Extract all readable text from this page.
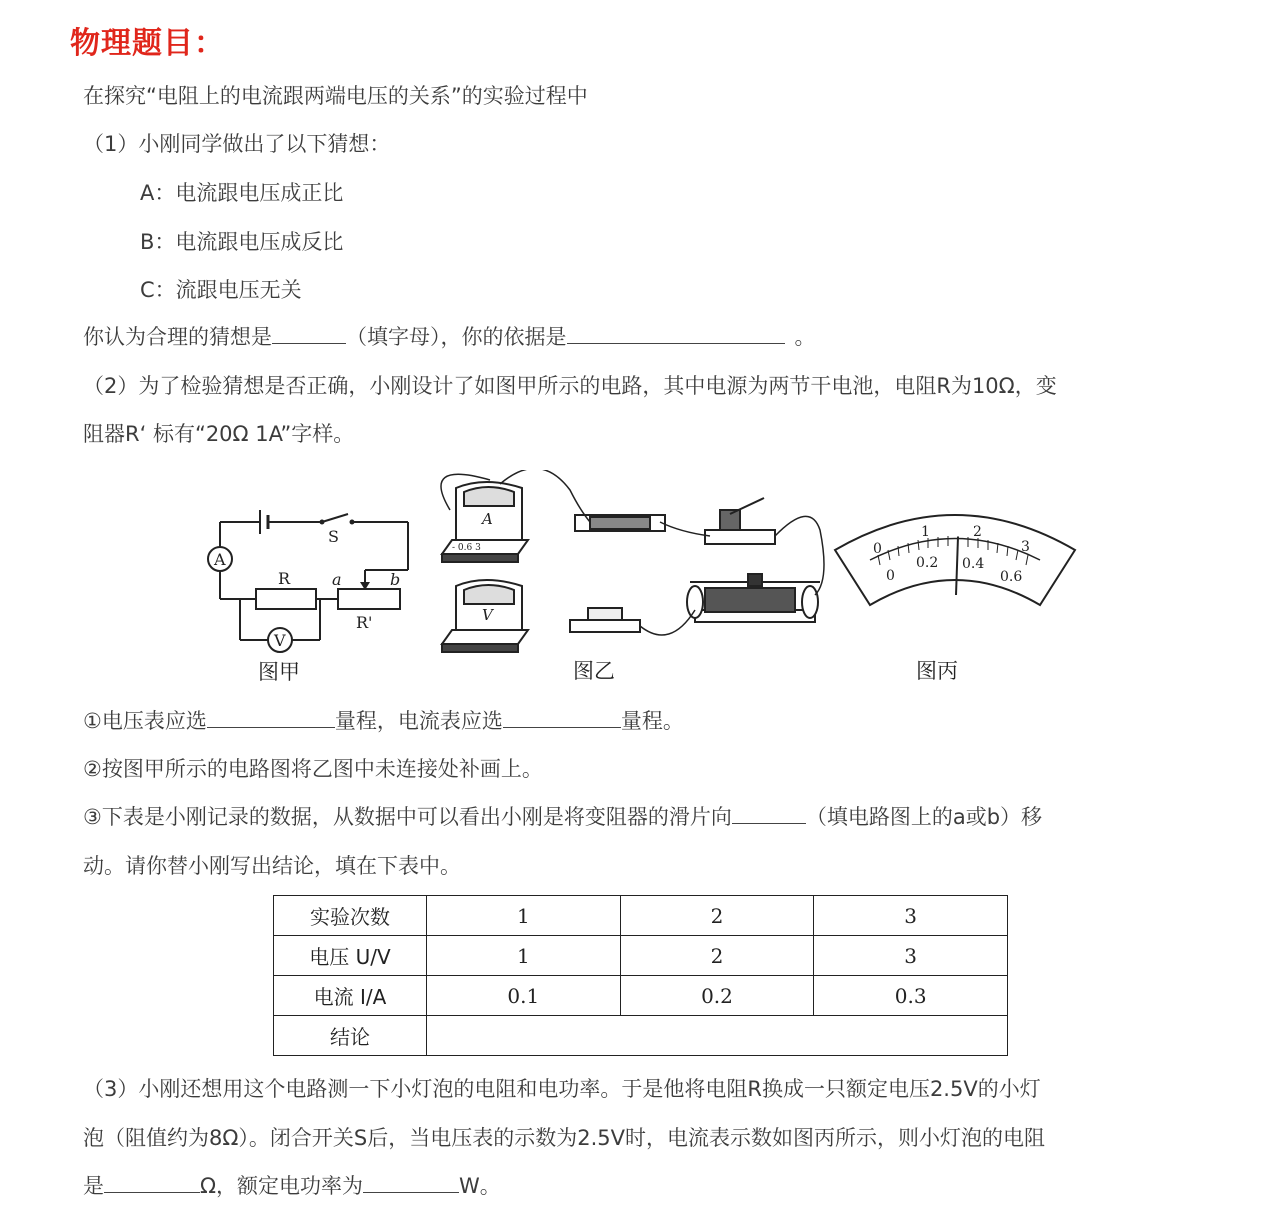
物理题目：
在探究“电阻上的电流跟两端电压的关系”的实验过程中
（1）小刚同学做出了以下猜想：
A：电流跟电压成正比
B：电流跟电压成反比
C：流跟电压无关
你认为合理的猜想是	（填字母），你的依据是	。
（2）为了检验猜想是否正确，小刚设计了如图甲所示的电路，其中电源为两节干电池，电阻R为10Ω，变
阻器R‘ 标有“20Ω 1A”字样。
A
V
S
R
R'
a	b
图甲
A
V
- 0.6 3
图乙
0
1	2
3
0
0.2 0.4
0.6
图丙
①电压表应选	量程，电流表应选	量程。
②按图甲所示的电路图将乙图中未连接处补画上。
③下表是小刚记录的数据，从数据中可以看出小刚是将变阻器的滑片向	（填电路图上的a或b）移
动。请你替小刚写出结论，填在下表中。
实验次数	1	2	3
电压 U/V	1	2	3
电流 I/A	0.1	0.2	0.3
结论			
（3）小刚还想用这个电路测一下小灯泡的电阻和电功率。于是他将电阻R换成一只额定电压2.5V的小灯
泡（阻值约为8Ω）。闭合开关S后，当电压表的示数为2.5V时，电流表示数如图丙所示，则小灯泡的电阻
是	Ω，额定电功率为	W。
